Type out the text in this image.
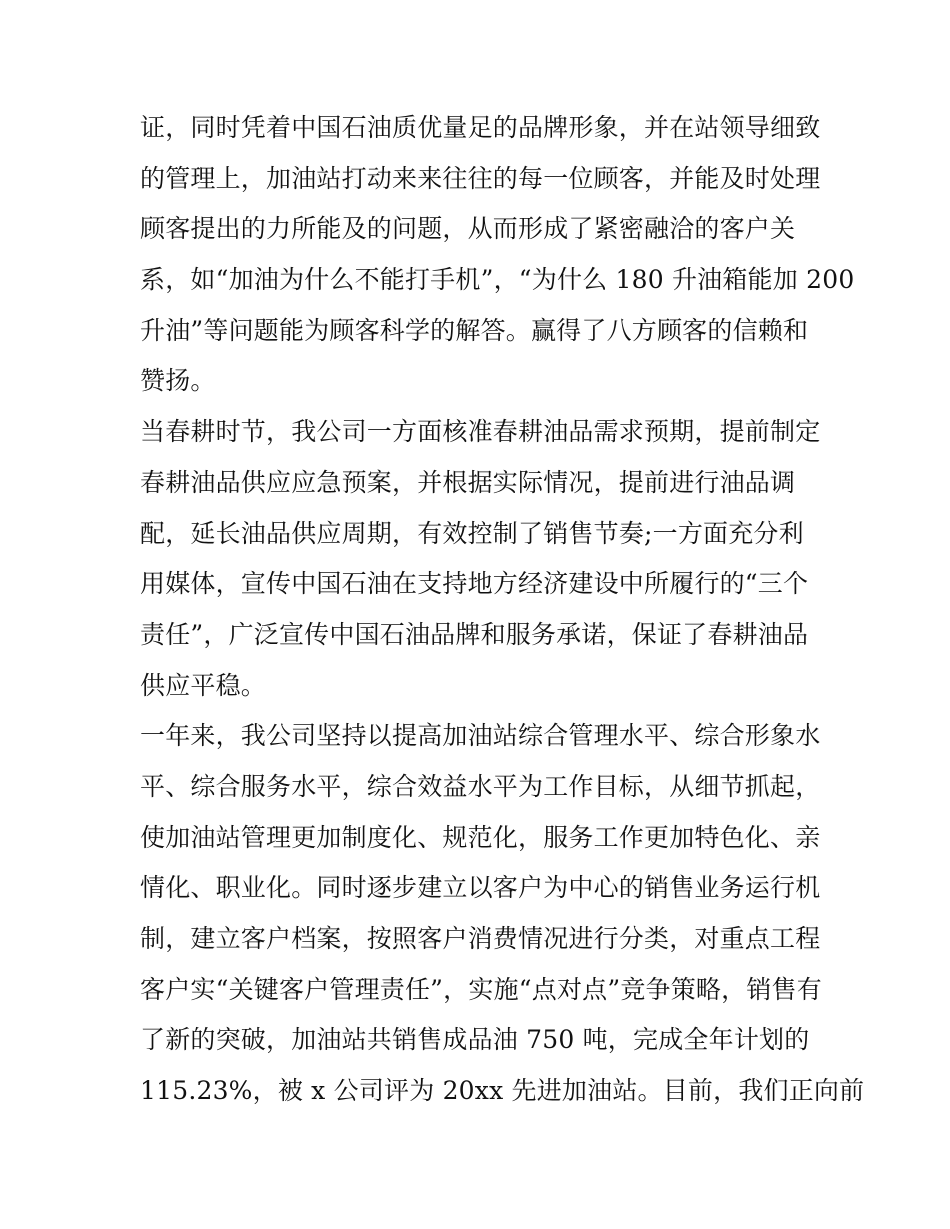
证，同时凭着中国石油质优量足的品牌形象，并在站领导细致
的管理上，加油站打动来来往往的每一位顾客，并能及时处理
顾客提出的力所能及的问题，从而形成了紧密融洽的客户关
系，如“加油为什么不能打手机”，“为什么 180 升油箱能加 200
升油”等问题能为顾客科学的解答。赢得了八方顾客的信赖和
赞扬。
当春耕时节，我公司一方面核准春耕油品需求预期，提前制定
春耕油品供应应急预案，并根据实际情况，提前进行油品调
配，延长油品供应周期，有效控制了销售节奏;一方面充分利
用媒体，宣传中国石油在支持地方经济建设中所履行的“三个
责任”，广泛宣传中国石油品牌和服务承诺，保证了春耕油品
供应平稳。
一年来，我公司坚持以提高加油站综合管理水平、综合形象水
平、综合服务水平，综合效益水平为工作目标，从细节抓起，
使加油站管理更加制度化、规范化，服务工作更加特色化、亲
情化、职业化。同时逐步建立以客户为中心的销售业务运行机
制，建立客户档案，按照客户消费情况进行分类，对重点工程
客户实“关键客户管理责任”，实施“点对点”竞争策略，销售有
了新的突破，加油站共销售成品油 750 吨，完成全年计划的
115.23%，被 x 公司评为 20xx 先进加油站。目前，我们正向前
